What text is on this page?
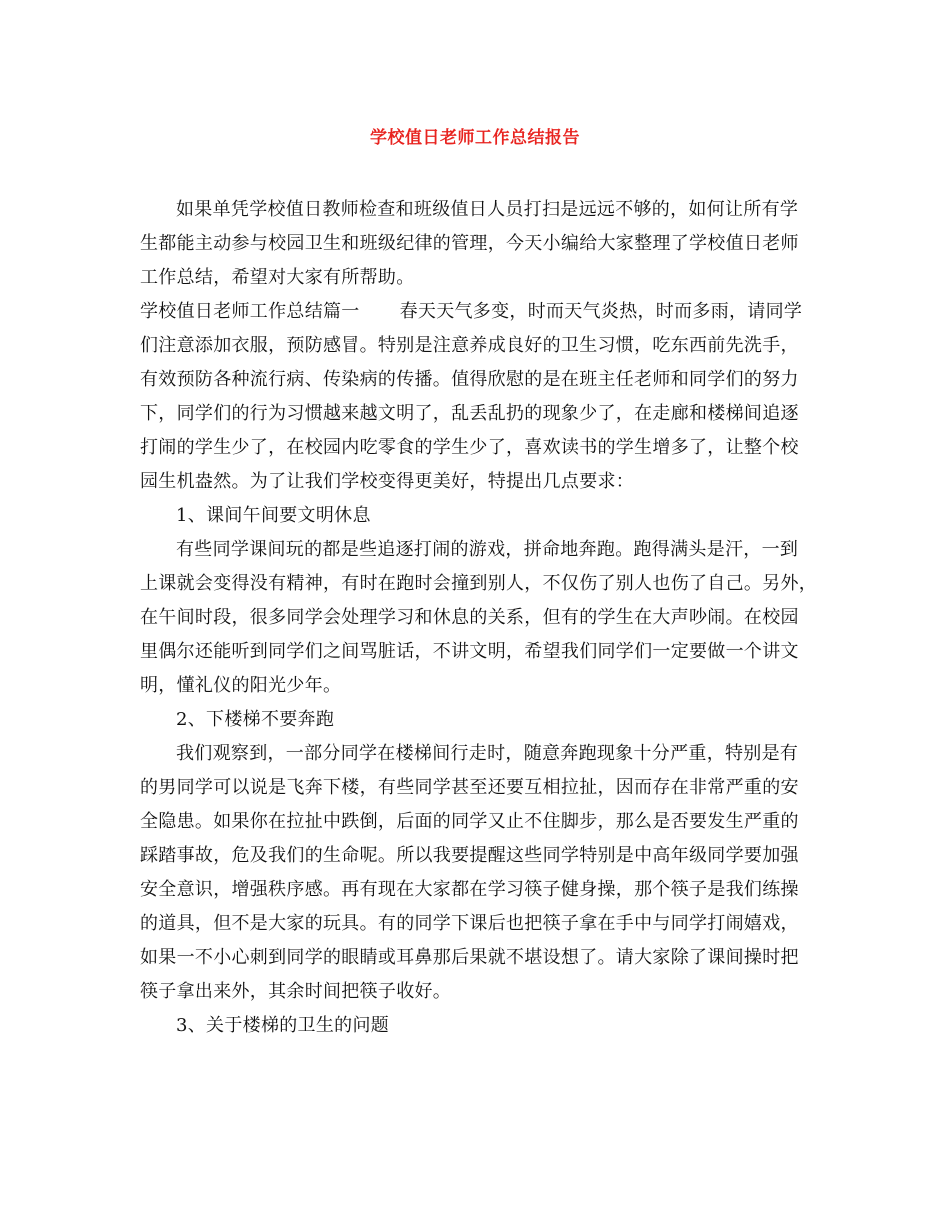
学校值日老师工作总结报告
如果单凭学校值日教师检查和班级值日人员打扫是远远不够的，如何让所有学
生都能主动参与校园卫生和班级纪律的管理，今天小编给大家整理了学校值日老师
工作总结，希望对大家有所帮助。
学校值日老师工作总结篇一 春天天气多变，时而天气炎热，时而多雨，请同学
们注意添加衣服，预防感冒。特别是注意养成良好的卫生习惯，吃东西前先洗手，
有效预防各种流行病、传染病的传播。值得欣慰的是在班主任老师和同学们的努力
下，同学们的行为习惯越来越文明了，乱丢乱扔的现象少了，在走廊和楼梯间追逐
打闹的学生少了，在校园内吃零食的学生少了，喜欢读书的学生增多了，让整个校
园生机盎然。为了让我们学校变得更美好，特提出几点要求：
1、课间午间要文明休息
有些同学课间玩的都是些追逐打闹的游戏，拼命地奔跑。跑得满头是汗，一到
上课就会变得没有精神，有时在跑时会撞到别人，不仅伤了别人也伤了自己。另外，
在午间时段，很多同学会处理学习和休息的关系，但有的学生在大声吵闹。在校园
里偶尔还能听到同学们之间骂脏话，不讲文明，希望我们同学们一定要做一个讲文
明，懂礼仪的阳光少年。
2、下楼梯不要奔跑
我们观察到，一部分同学在楼梯间行走时，随意奔跑现象十分严重，特别是有
的男同学可以说是飞奔下楼，有些同学甚至还要互相拉扯，因而存在非常严重的安
全隐患。如果你在拉扯中跌倒，后面的同学又止不住脚步，那么是否要发生严重的
踩踏事故，危及我们的生命呢。所以我要提醒这些同学特别是中高年级同学要加强
安全意识，增强秩序感。再有现在大家都在学习筷子健身操，那个筷子是我们练操
的道具，但不是大家的玩具。有的同学下课后也把筷子拿在手中与同学打闹嬉戏，
如果一不小心刺到同学的眼睛或耳鼻那后果就不堪设想了。请大家除了课间操时把
筷子拿出来外，其余时间把筷子收好。
3、关于楼梯的卫生的问题
